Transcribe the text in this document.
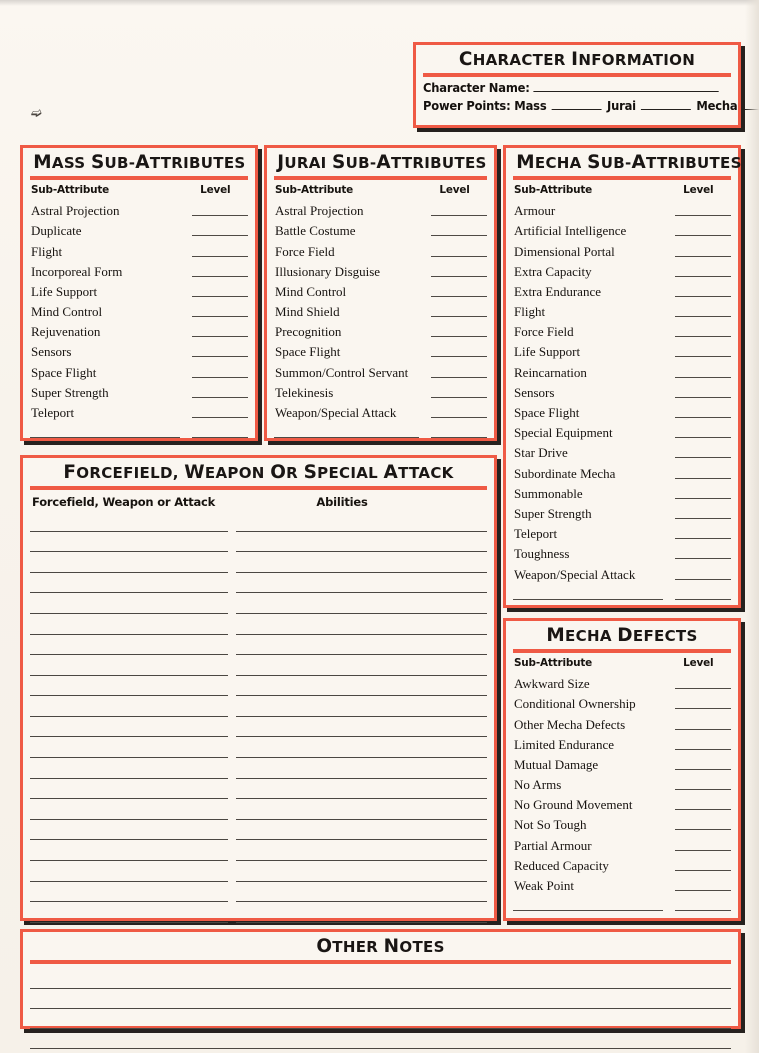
➫
CHARACTER INFORMATION
Character Name:
Power Points: Mass	Jurai	Mecha
MASS SUB-ATTRIBUTES
Sub-Attribute	Level
Astral Projection
Duplicate
Flight
Incorporeal Form
Life Support
Mind Control
Rejuvenation
Sensors
Space Flight
Super Strength
Teleport
JURAI SUB-ATTRIBUTES
Sub-Attribute	Level
Astral Projection
Battle Costume
Force Field
Illusionary Disguise
Mind Control
Mind Shield
Precognition
Space Flight
Summon/Control Servant
Telekinesis
Weapon/Special Attack
MECHA SUB-ATTRIBUTES
Sub-Attribute	Level
Armour
Artificial Intelligence
Dimensional Portal
Extra Capacity
Extra Endurance
Flight
Force Field
Life Support
Reincarnation
Sensors
Space Flight
Special Equipment
Star Drive
Subordinate Mecha
Summonable
Super Strength
Teleport
Toughness
Weapon/Special Attack
MECHA DEFECTS
Sub-Attribute	Level
Awkward Size
Conditional Ownership
Other Mecha Defects
Limited Endurance
Mutual Damage
No Arms
No Ground Movement
Not So Tough
Partial Armour
Reduced Capacity
Weak Point
FORCEFIELD, WEAPON OR SPECIAL ATTACK
Forcefield, Weapon or Attack	Abilities
OTHER NOTES
